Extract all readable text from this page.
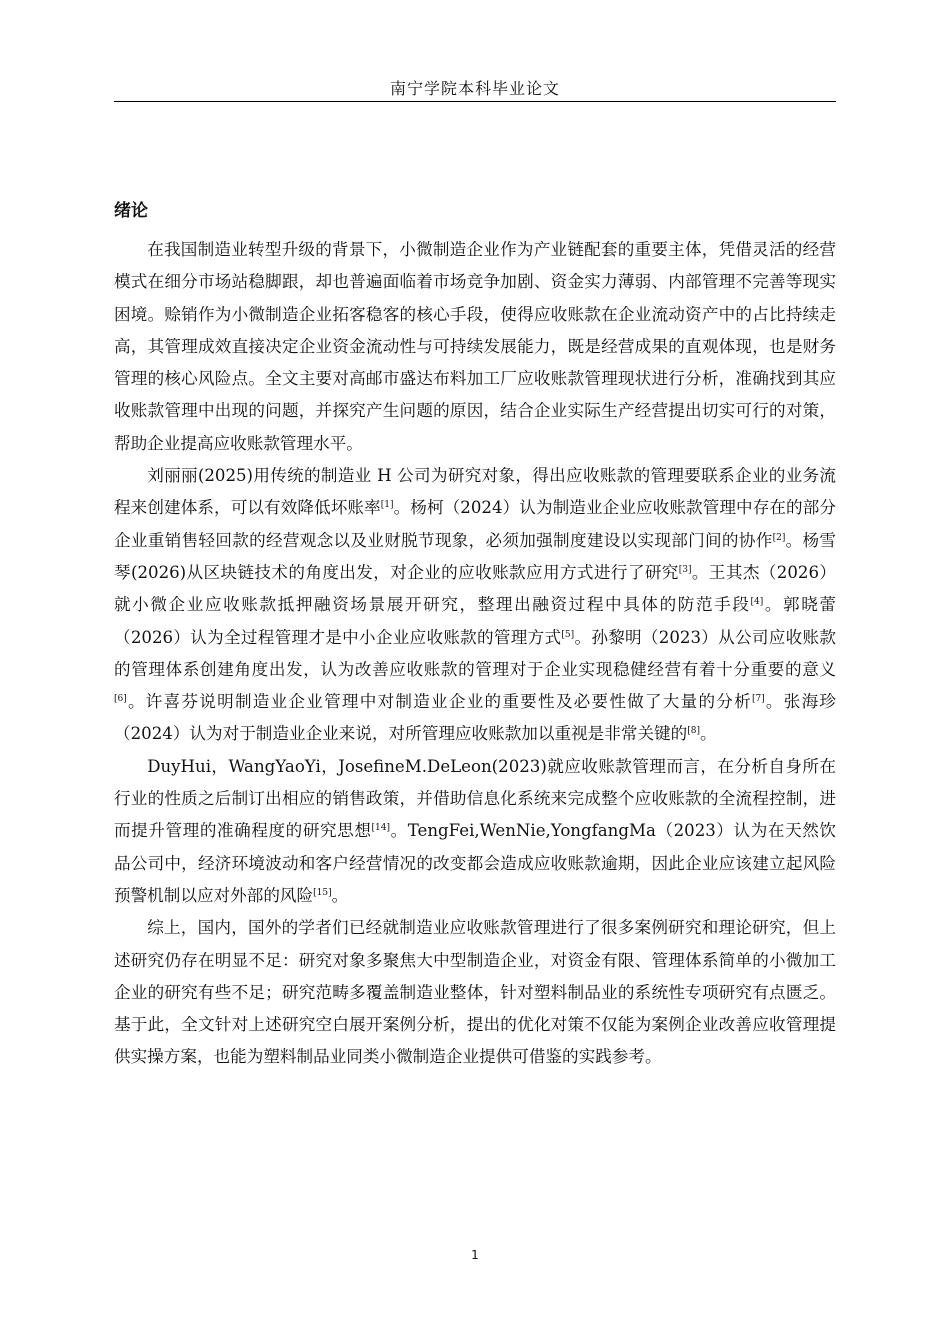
南宁学院本科毕业论文
绪论

在我国制造业转型升级的背景下，小微制造企业作为产业链配套的重要主体，凭借灵活的经营模式在细分市场站稳脚跟，却也普遍面临着市场竞争加剧、资金实力薄弱、内部管理不完善等现实困境。赊销作为小微制造企业拓客稳客的核心手段，使得应收账款在企业流动资产中的占比持续走高，其管理成效直接决定企业资金流动性与可持续发展能力，既是经营成果的直观体现，也是财务管理的核心风险点。全文主要对高邮市盛达布料加工厂应收账款管理现状进行分析，准确找到其应收账款管理中出现的问题，并探究产生问题的原因，结合企业实际生产经营提出切实可行的对策，帮助企业提高应收账款管理水平。

刘丽丽(2025)用传统的制造业 H 公司为研究对象，得出应收账款的管理要联系企业的业务流程来创建体系，可以有效降低坏账率[1]。杨柯（2024）认为制造业企业应收账款管理中存在的部分企业重销售轻回款的经营观念以及业财脱节现象，必须加强制度建设以实现部门间的协作[2]。杨雪琴(2026)从区块链技术的角度出发，对企业的应收账款应用方式进行了研究[3]。王其杰（2026）就小微企业应收账款抵押融资场景展开研究，整理出融资过程中具体的防范手段[4]。郭晓蕾（2026）认为全过程管理才是中小企业应收账款的管理方式[5]。孙黎明（2023）从公司应收账款的管理体系创建角度出发，认为改善应收账款的管理对于企业实现稳健经营有着十分重要的意义[6]。许喜芬说明制造业企业管理中对制造业企业的重要性及必要性做了大量的分析[7]。张海珍（2024）认为对于制造业企业来说，对所管理应收账款加以重视是非常关键的[8]。

DuyHui，WangYaoYi，JosefineM.DeLeon(2023)就应收账款管理而言，在分析自身所在行业的性质之后制订出相应的销售政策，并借助信息化系统来完成整个应收账款的全流程控制，进而提升管理的准确程度的研究思想[14]。TengFei,WenNie,YongfangMa（2023）认为在天然饮品公司中，经济环境波动和客户经营情况的改变都会造成应收账款逾期，因此企业应该建立起风险预警机制以应对外部的风险[15]。

综上，国内，国外的学者们已经就制造业应收账款管理进行了很多案例研究和理论研究，但上述研究仍存在明显不足：研究对象多聚焦大中型制造企业，对资金有限、管理体系简单的小微加工企业的研究有些不足；研究范畴多覆盖制造业整体，针对塑料制品业的系统性专项研究有点匮乏。基于此，全文针对上述研究空白展开案例分析，提出的优化对策不仅能为案例企业改善应收管理提供实操方案，也能为塑料制品业同类小微制造企业提供可借鉴的实践参考。

1
